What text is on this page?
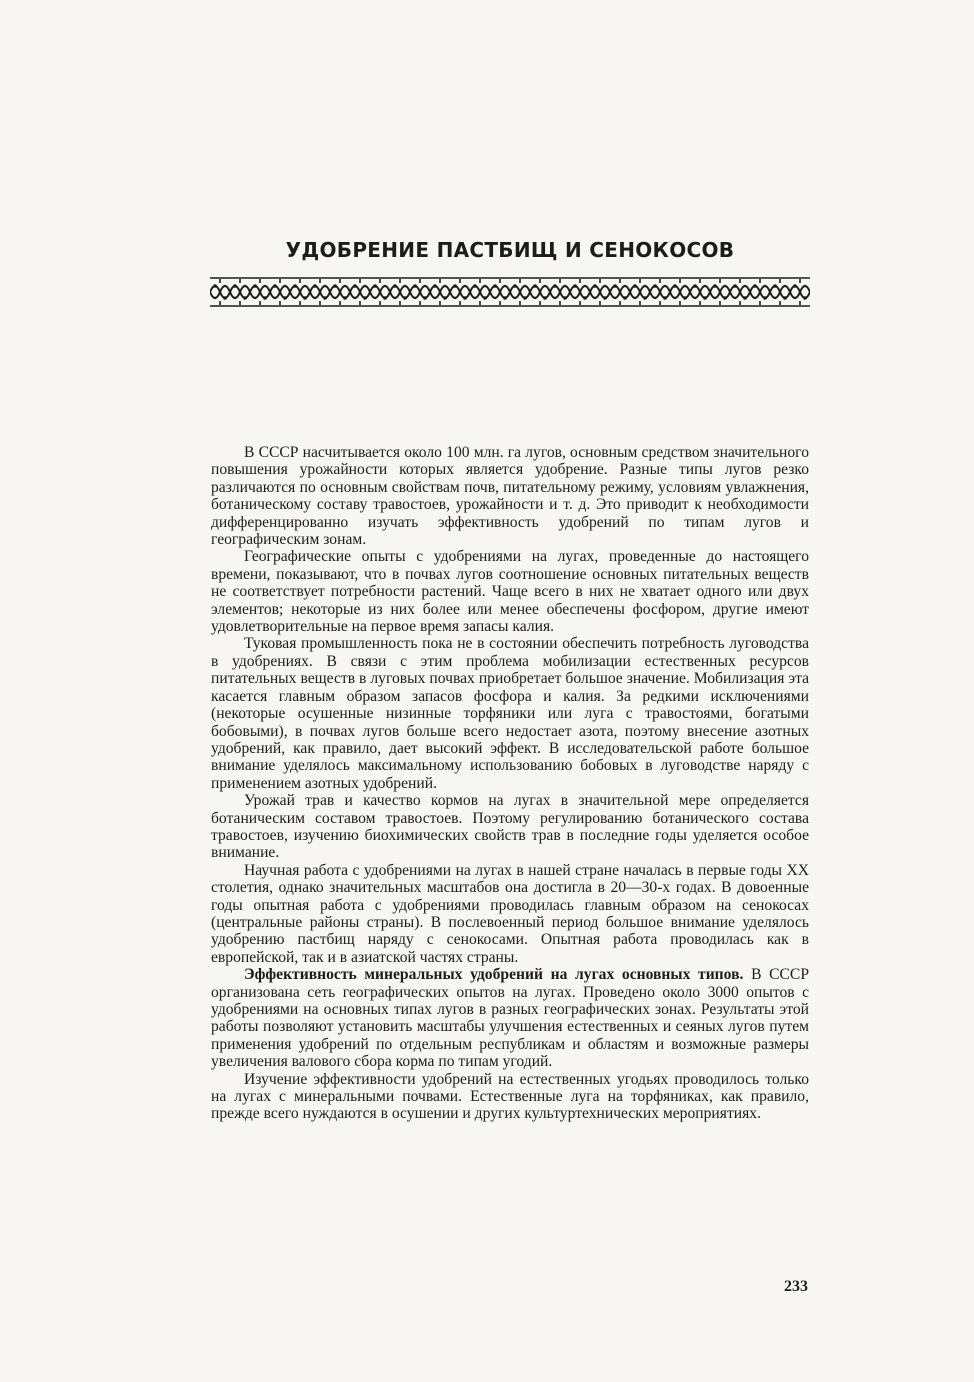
УДОБРЕНИЕ ПАСТБИЩ И СЕНОКОСОВ

В СССР насчитывается около 100 млн. га лугов, основным средством значительного повышения урожайности которых является удобрение. Разные типы лугов резко различаются по основным свойствам почв, питательному режиму, условиям увлажнения, ботаническому составу травостоев, урожайности и т. д. Это приводит к необходимости дифференцированно изучать эффективность удобрений по типам лугов и географическим зонам.

Географические опыты с удобрениями на лугах, проведенные до настоящего времени, показывают, что в почвах лугов соотношение основных питательных веществ не соответствует потребности растений. Чаще всего в них не хватает одного или двух элементов; некоторые из них более или менее обеспечены фосфором, другие имеют удовлетворительные на первое время запасы калия.

Туковая промышленность пока не в состоянии обеспечить потребность луговодства в удобрениях. В связи с этим проблема мобилизации естественных ресурсов питательных веществ в луговых почвах приобретает большое значение. Мобилизация эта касается главным образом запасов фосфора и калия. За редкими исключениями (некоторые осушенные низинные торфяники или луга с травостоями, богатыми бобовыми), в почвах лугов больше всего недостает азота, поэтому внесение азотных удобрений, как правило, дает высокий эффект. В исследовательской работе большое внимание уделялось максимальному использованию бобовых в луговодстве наряду с применением азотных удобрений.

Урожай трав и качество кормов на лугах в значительной мере определяется ботаническим составом травостоев. Поэтому регулированию ботанического состава травостоев, изучению биохимических свойств трав в последние годы уделяется особое внимание.

Научная работа с удобрениями на лугах в нашей стране началась в первые годы XX столетия, однако значительных масштабов она достигла в 20—30-х годах. В довоенные годы опытная работа с удобрениями проводилась главным образом на сенокосах (центральные районы страны). В послевоенный период большое внимание уделялось удобрению пастбищ наряду с сенокосами. Опытная работа проводилась как в европейской, так и в азиатской частях страны.

Эффективность минеральных удобрений на лугах основных типов. В СССР организована сеть географических опытов на лугах. Проведено около 3000 опытов с удобрениями на основных типах лугов в разных географических зонах. Результаты этой работы позволяют установить масштабы улучшения естественных и сеяных лугов путем применения удобрений по отдельным республикам и областям и возможные размеры увеличения валового сбора корма по типам угодий.

Изучение эффективности удобрений на естественных угодьях проводилось только на лугах с минеральными почвами. Естественные луга на торфяниках, как правило, прежде всего нуждаются в осушении и других культуртехнических мероприятиях.

233
